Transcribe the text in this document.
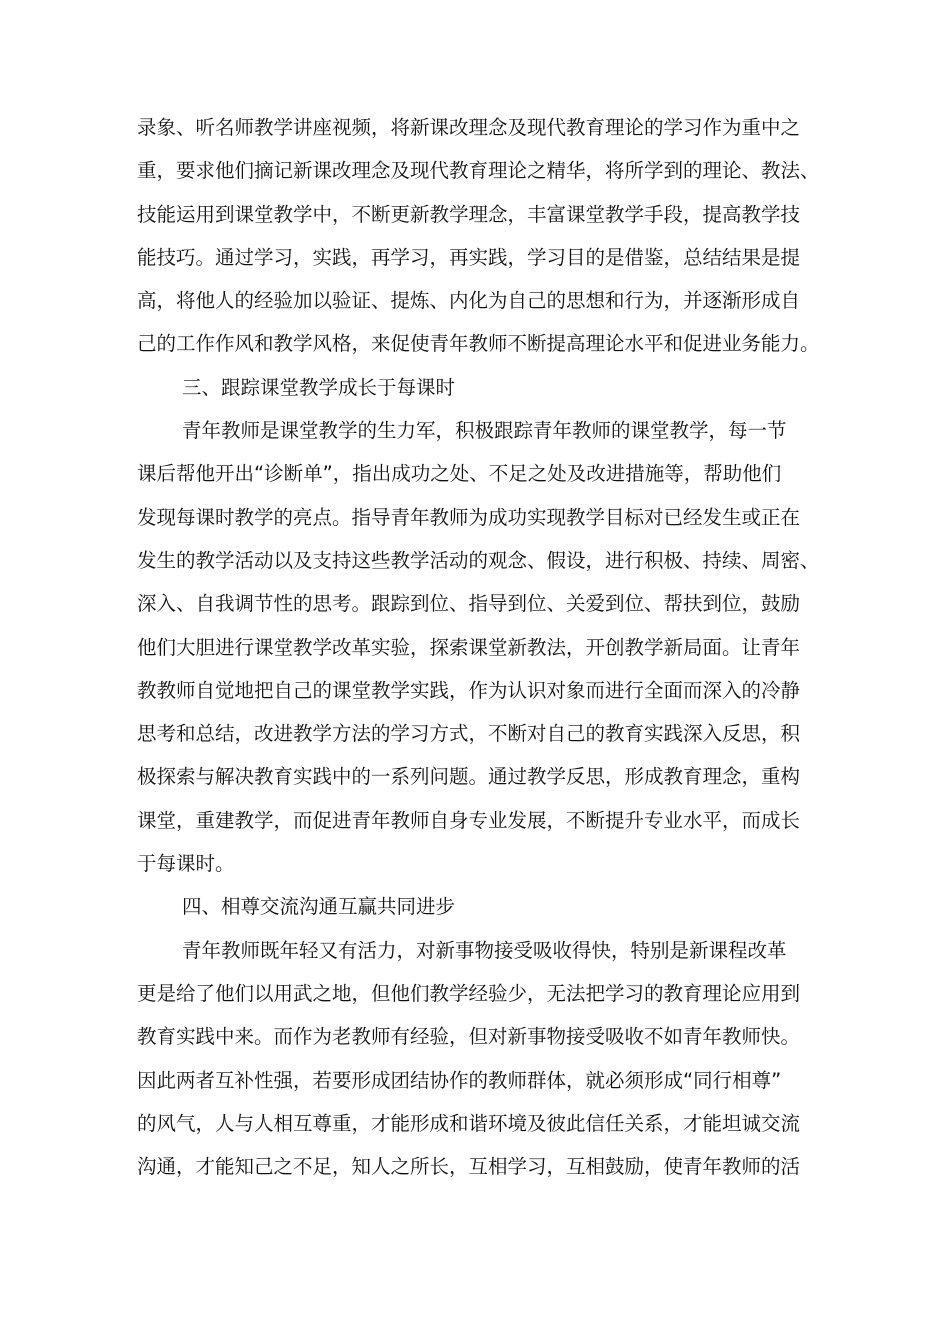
录象、听名师教学讲座视频，将新课改理念及现代教育理论的学习作为重中之
重，要求他们摘记新课改理念及现代教育理论之精华，将所学到的理论、教法、
技能运用到课堂教学中，不断更新教学理念，丰富课堂教学手段，提高教学技
能技巧。通过学习，实践，再学习，再实践，学习目的是借鉴，总结结果是提
高，将他人的经验加以验证、提炼、内化为自己的思想和行为，并逐渐形成自
己的工作作风和教学风格，来促使青年教师不断提高理论水平和促进业务能力。
三、跟踪课堂教学成长于每课时
青年教师是课堂教学的生力军，积极跟踪青年教师的课堂教学，每一节
课后帮他开出“诊断单”，指出成功之处、不足之处及改进措施等，帮助他们
发现每课时教学的亮点。指导青年教师为成功实现教学目标对已经发生或正在
发生的教学活动以及支持这些教学活动的观念、假设，进行积极、持续、周密、
深入、自我调节性的思考。跟踪到位、指导到位、关爱到位、帮扶到位，鼓励
他们大胆进行课堂教学改革实验，探索课堂新教法，开创教学新局面。让青年
教教师自觉地把自己的课堂教学实践，作为认识对象而进行全面而深入的冷静
思考和总结，改进教学方法的学习方式，不断对自己的教育实践深入反思，积
极探索与解决教育实践中的一系列问题。通过教学反思，形成教育理念，重构
课堂，重建教学，而促进青年教师自身专业发展，不断提升专业水平，而成长
于每课时。
四、相尊交流沟通互赢共同进步
青年教师既年轻又有活力，对新事物接受吸收得快，特别是新课程改革
更是给了他们以用武之地，但他们教学经验少，无法把学习的教育理论应用到
教育实践中来。而作为老教师有经验，但对新事物接受吸收不如青年教师快。
因此两者互补性强，若要形成团结协作的教师群体，就必须形成“同行相尊”
的风气，人与人相互尊重，才能形成和谐环境及彼此信任关系，才能坦诚交流
沟通，才能知己之不足，知人之所长，互相学习，互相鼓励，使青年教师的活
